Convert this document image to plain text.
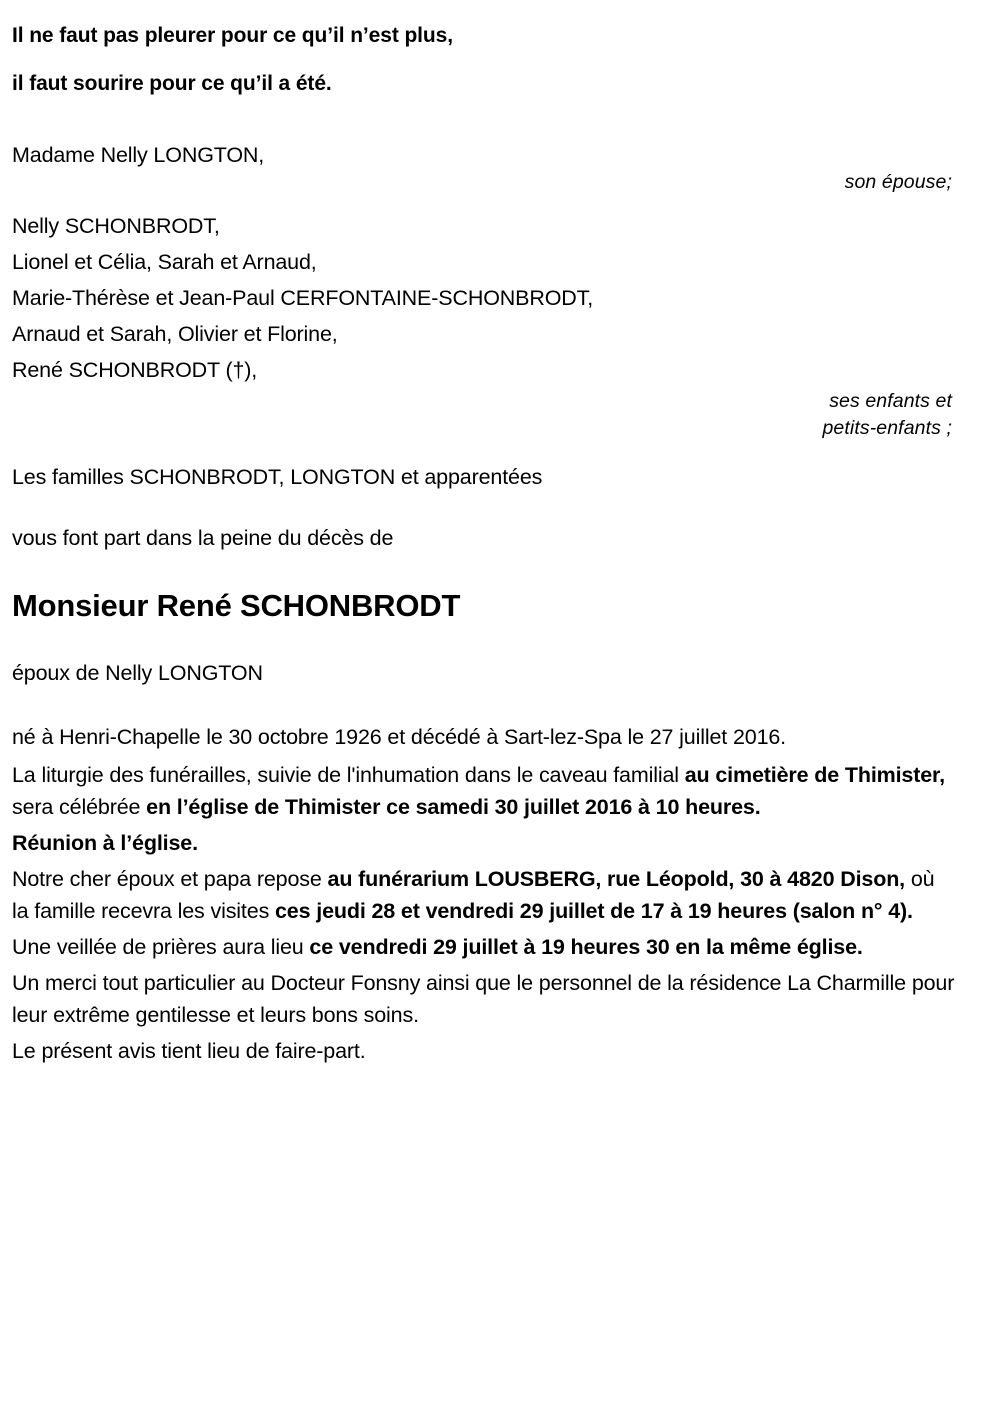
Il ne faut pas pleurer pour ce qu’il n’est plus,
il faut sourire pour ce qu’il a été.
Madame Nelly LONGTON,
son épouse;
Nelly SCHONBRODT,
Lionel et Célia, Sarah et Arnaud,
Marie-Thérèse et Jean-Paul CERFONTAINE-SCHONBRODT,
Arnaud et Sarah, Olivier et Florine,
René SCHONBRODT (†),
ses enfants et
petits-enfants ;
Les familles SCHONBRODT, LONGTON et apparentées
vous font part dans la peine du décès de
Monsieur René SCHONBRODT
époux de Nelly LONGTON
né à Henri-Chapelle le 30 octobre 1926 et décédé à Sart-lez-Spa le 27 juillet 2016.
La liturgie des funérailles, suivie de l'inhumation dans le caveau familial au cimetière de Thimister, sera célébrée en l’église de Thimister ce samedi 30 juillet 2016 à 10 heures.
Réunion à l’église.
Notre cher époux et papa repose au funérarium LOUSBERG, rue Léopold, 30 à 4820 Dison, où la famille recevra les visites ces jeudi 28 et vendredi 29 juillet de 17 à 19 heures (salon n° 4).
Une veillée de prières aura lieu ce vendredi 29 juillet à 19 heures 30 en la même église.
Un merci tout particulier au Docteur Fonsny ainsi que le personnel de la résidence La Charmille pour leur extrême gentilesse et leurs bons soins.
Le présent avis tient lieu de faire-part.
